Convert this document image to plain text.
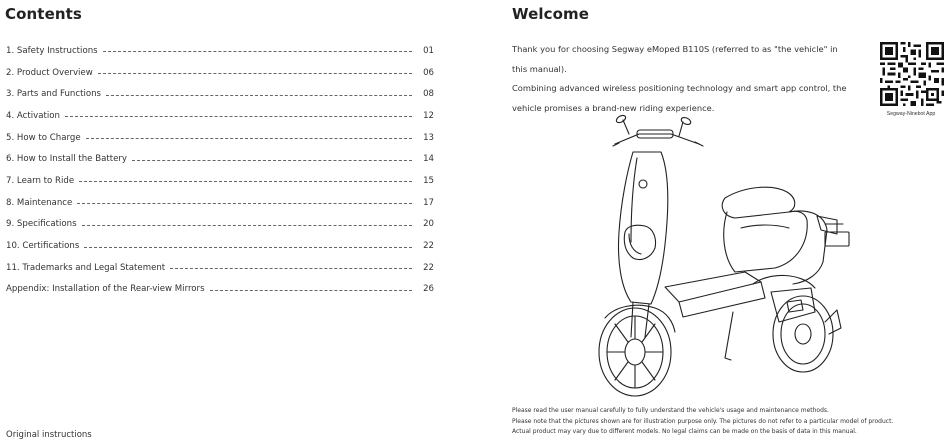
Contents
1. Safety Instructions	01
2. Product Overview	06
3. Parts and Functions	08
4. Activation	12
5. How to Charge	13
6. How to Install the Battery	14
7. Learn to Ride	15
8. Maintenance	17
9. Specifications	20
10. Certifications	22
11. Trademarks and Legal Statement	22
Appendix: Installation of the Rear-view Mirrors	26
Original instructions
Welcome

Thank you for choosing Segway eMoped B110S (referred to as "the vehicle" in this manual).

Combining advanced wireless positioning technology and smart app control, the vehicle promises a brand-new riding experience.

Segway-Ninebot App

Please read the user manual carefully to fully understand the vehicle's usage and maintenance methods.

Please note that the pictures shown are for illustration purpose only. The pictures do not refer to a particular model of product.

Actual product may vary due to different models. No legal claims can be made on the basis of data in this manual.
